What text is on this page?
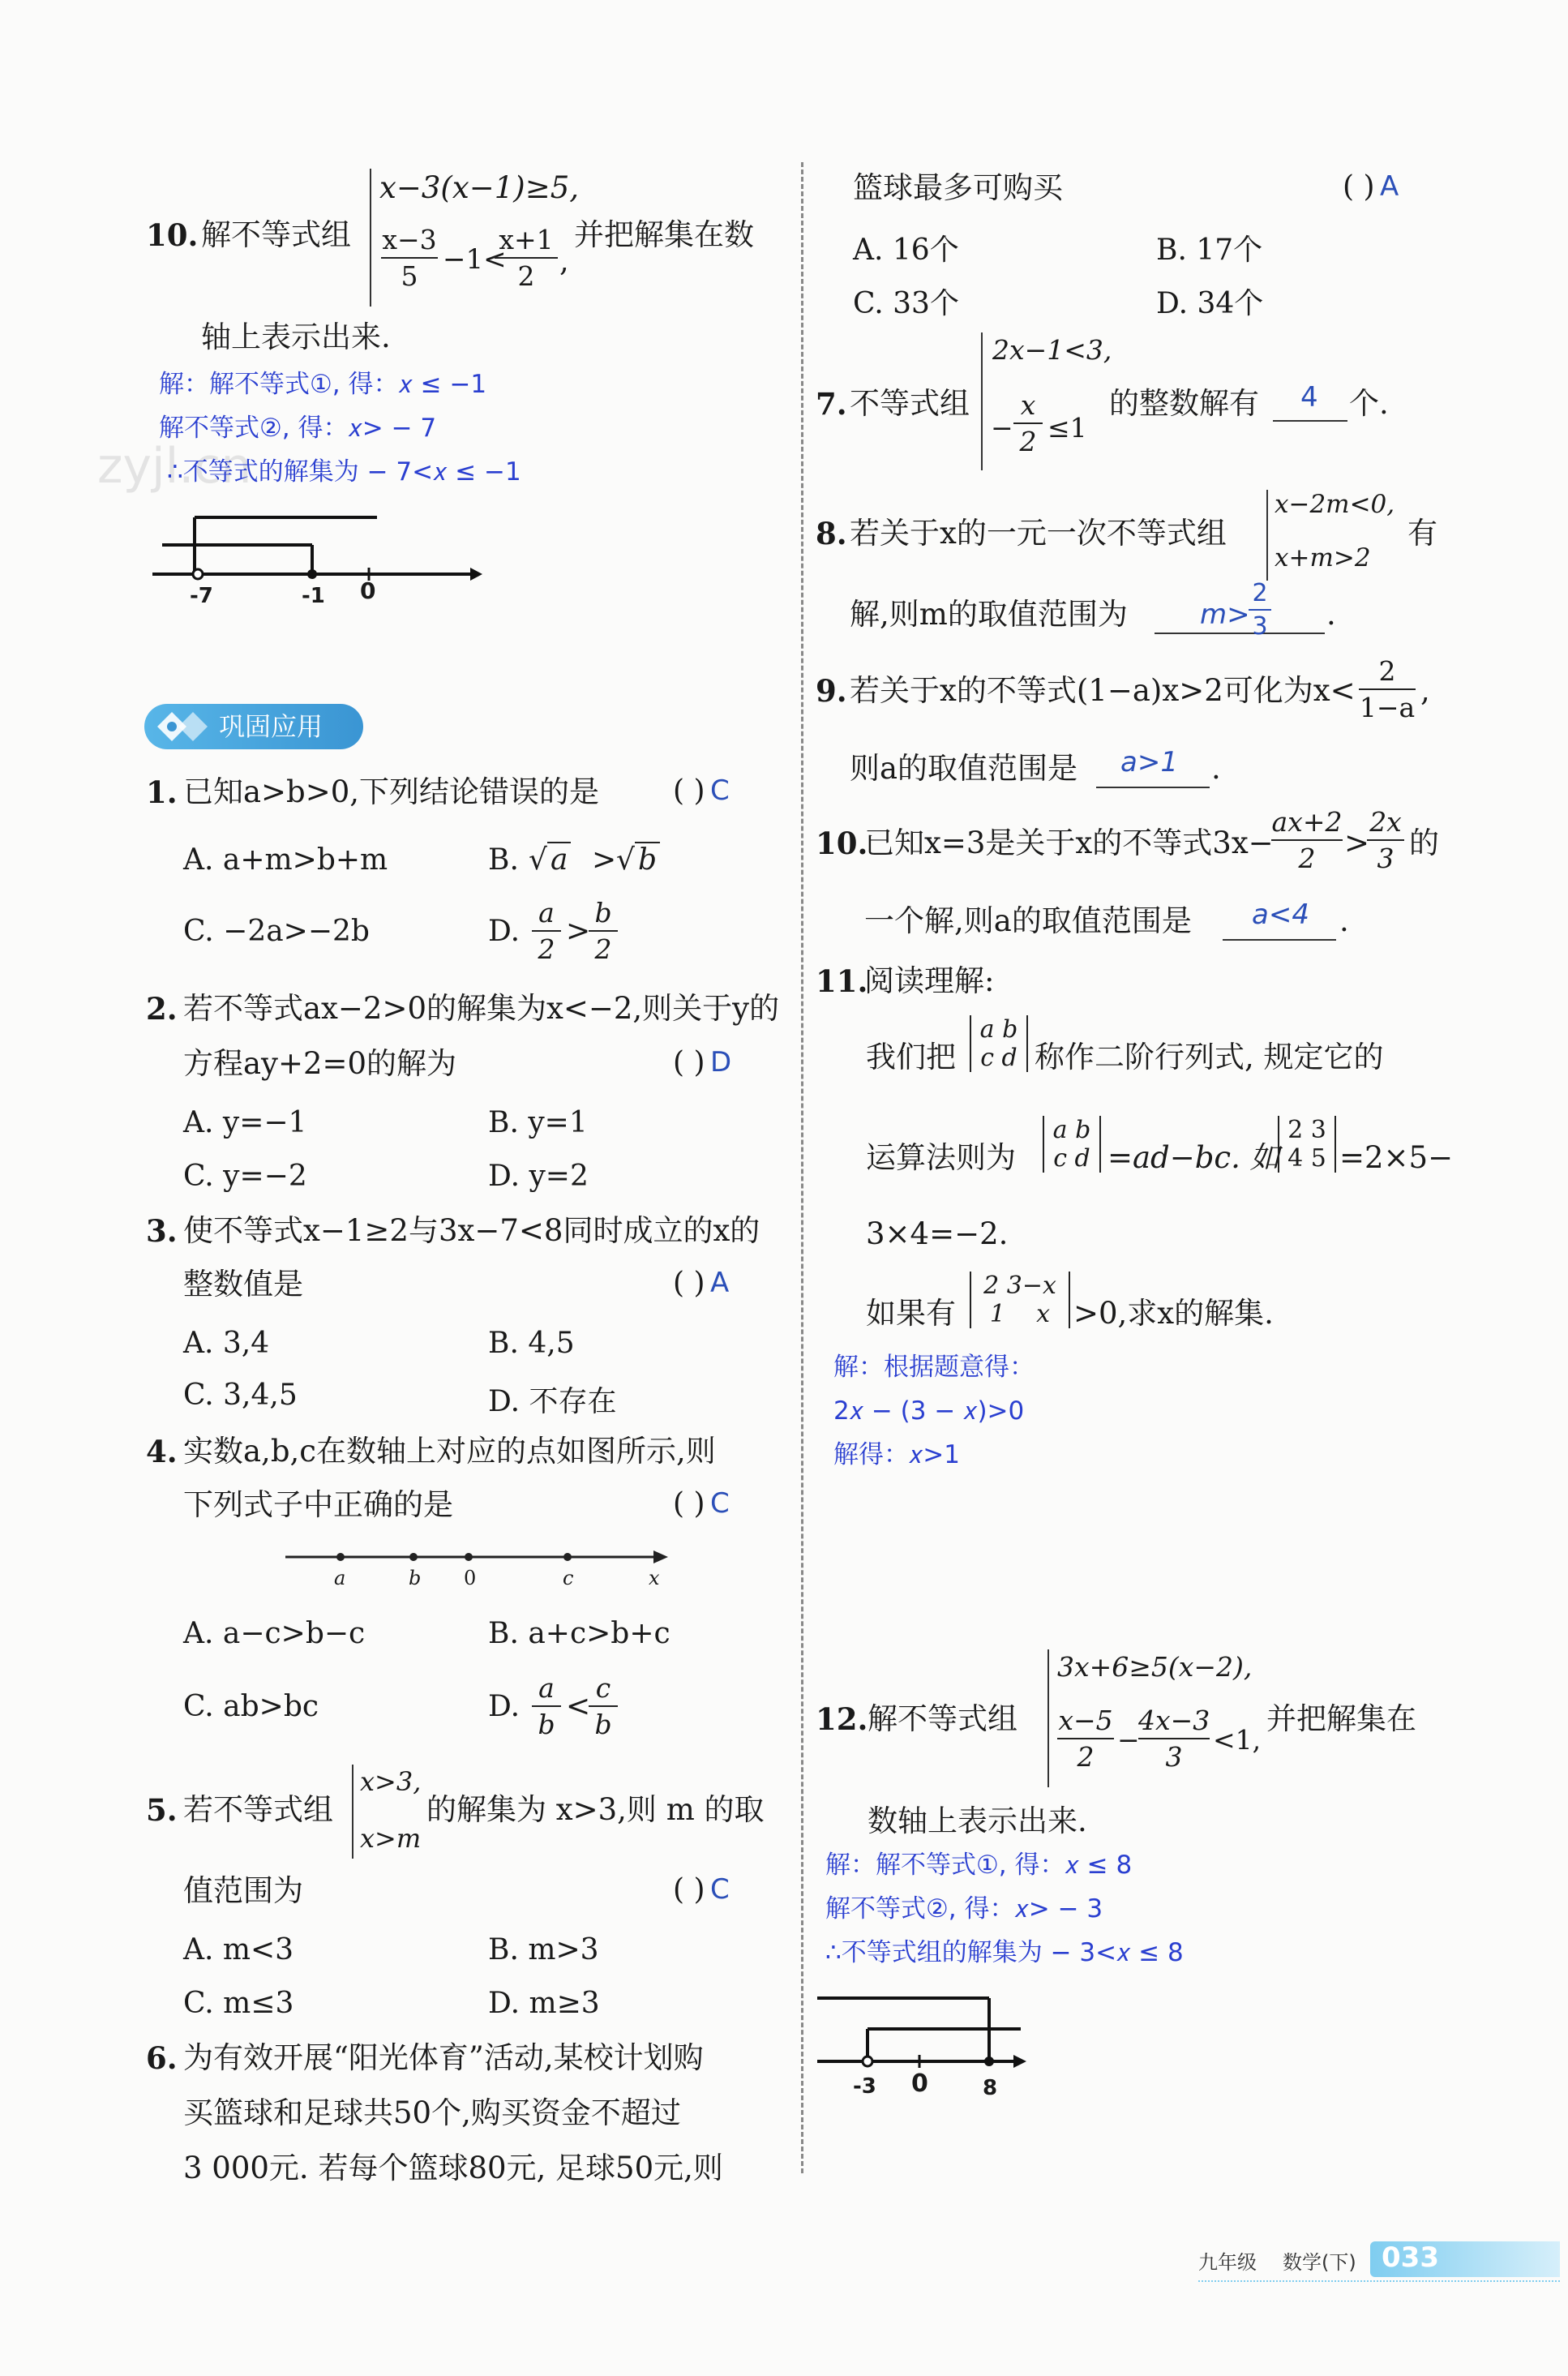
zyjl.cn
10. 解不等式组
x−3(x−1)≥5,
x−3
5
−1<
x+1
2 ,
并把解集在数
轴上表示出来.
解：解不等式①, 得：𝑥 ≤ −1
解不等式②, 得：𝑥> − 7
∴不等式的解集为 − 7<𝑥 ≤ −1
-7	-1 0
巩固应用
1. 已知a>b>0,下列结论错误的是	( ) C
A. a+m>b+m	B. √ a > √ b
C. −2a>−2b	D.
a
2
>
b
2
2. 若不等式ax−2>0的解集为x<−2,则关于y的
方程ay+2=0的解为	( ) D
A. y=−1	B. y=1
C. y=−2	D. y=2
3. 使不等式x−1≥2与3x−7<8同时成立的x的
整数值是	( ) A
A. 3,4	B. 4,5
C. 3,4,5	D. 不存在
4. 实数a,b,c在数轴上对应的点如图所示,则
下列式子中正确的是	( ) C
a	b 0	c	x
A. a−c>b−c	B. a+c>b+c
C. ab>bc	D.
a
b
<
c
b
5. 若不等式组
x>3,
x>m
的解集为 x>3,则 m 的取
值范围为	( ) C
A. m<3	B. m>3
C. m≤3	D. m≥3
6. 为有效开展“阳光体育”活动,某校计划购
买篮球和足球共50个,购买资金不超过
3 000元. 若每个篮球80元, 足球50元,则
篮球最多可购买	( ) A
A. 16个	B. 17个
C. 33个	D. 34个
7. 不等式组
2x−1<3,
−
x
2 ≤1
的整数解有 4 个.
8. 若关于x的一元一次不等式组
x−2m<0,
x+m>2
有
解,则m的取值范围为	m>
2
3 .
9. 若关于x的不等式(1−a)x>2可化为x<
2
1−a ,
则a的取值范围是 a>1 .
10.
已知x=3是关于x的不等式3x−
ax+2
2 >
2x
3 的
一个解,则a的取值范围是 a<4 .
11.
阅读理解:
我们把
a b
c d 称作二阶行列式, 规定它的
运算法则为
a b
c d =ad−bc. 如
2 3
4 5 =2×5−
3×4=−2.
如果有
2 3−x
1    x >0,求x的解集.
解：根据题意得：
2𝑥 − (3 − 𝑥)>0
解得：𝑥>1
12. 解不等式组
3x+6≥5(x−2),
x−5
2
−
4x−3
3
<1,
并把解集在
数轴上表示出来.
解：解不等式①, 得：𝑥 ≤ 8
解不等式②, 得：𝑥> − 3
∴不等式组的解集为 − 3<𝑥 ≤ 8
-3 0	8
九年级 数学(下) 033
